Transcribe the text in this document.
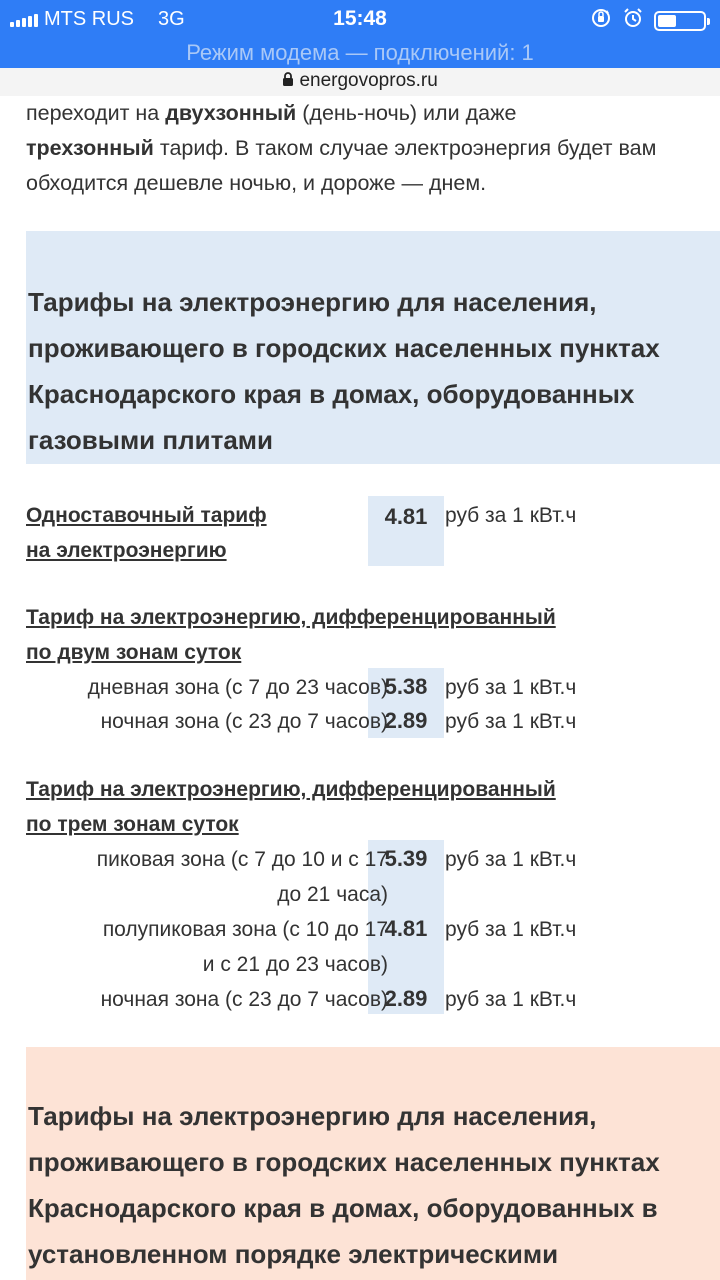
MTS RUS 3G	15:48
Режим модема — подключений: 1
energovopros.ru

переходит на двухзонный (день-ночь) или даже
трехзонный тариф. В таком случае электроэнергия будет вам обходится дешевле ночью, и дороже — днем.

Тарифы на электроэнергию для населения, проживающего в городских населенных пунктах Краснодарского края в домах, оборудованных газовыми плитами
Одноставочный тариф
на электроэнергию
4.81 руб за 1 кВт.ч
Тариф на электроэнергию, дифференцированный
по двум зонам суток
дневная зона (с 7 до 23 часов)
5.38 руб за 1 кВт.ч
ночная зона (с 23 до 7 часов)
2.89 руб за 1 кВт.ч
Тариф на электроэнергию, дифференцированный
по трем зонам суток
пиковая зона (с 7 до 10 и с 17
до 21 часа)
5.39 руб за 1 кВт.ч
полупиковая зона (с 10 до 17
и с 21 до 23 часов)
4.81 руб за 1 кВт.ч
ночная зона (с 23 до 7 часов)
2.89 руб за 1 кВт.ч
Тарифы на электроэнергию для населения, проживающего в городских населенных пунктах Краснодарского края в домах, оборудованных в установленном порядке электрическими
